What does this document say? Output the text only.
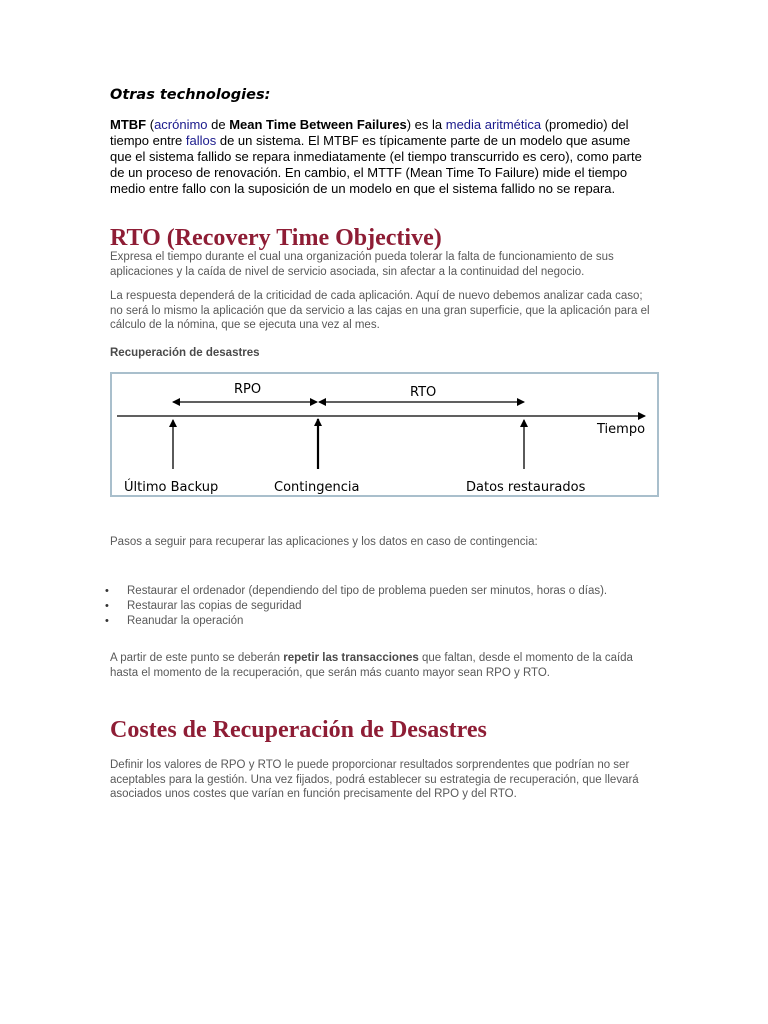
Otras technologies:
MTBF (acrónimo de Mean Time Between Failures) es la media aritmética (promedio) del tiempo entre fallos de un sistema. El MTBF es típicamente parte de un modelo que asume que el sistema fallido se repara inmediatamente (el tiempo transcurrido es cero), como parte de un proceso de renovación. En cambio, el MTTF (Mean Time To Failure) mide el tiempo medio entre fallo con la suposición de un modelo en que el sistema fallido no se repara.
RTO (Recovery Time Objective)
Expresa el tiempo durante el cual una organización pueda tolerar la falta de funcionamiento de sus aplicaciones y la caída de nivel de servicio asociada, sin afectar a la continuidad del negocio.
La respuesta dependerá de la criticidad de cada aplicación. Aquí de nuevo debemos analizar cada caso; no será lo mismo la aplicación que da servicio a las cajas en una gran superficie, que la aplicación para el cálculo de la nómina, que se ejecuta una vez al mes.
Recuperación de desastres
Pasos a seguir para recuperar las aplicaciones y los datos en caso de contingencia:
• Restaurar el ordenador (dependiendo del tipo de problema pueden ser minutos, horas o días).
• Restaurar las copias de seguridad
• Reanudar la operación
A partir de este punto se deberán repetir las transacciones que faltan, desde el momento de la caída hasta el momento de la recuperación, que serán más cuanto mayor sean RPO y RTO.
Costes de Recuperación de Desastres
Definir los valores de RPO y RTO le puede proporcionar resultados sorprendentes que podrían no ser aceptables para la gestión. Una vez fijados, podrá establecer su estrategia de recuperación, que llevará asociados unos costes que varían en función precisamente del RPO y del RTO.
RPO	RTO
Tiempo
Último Backup	Contingencia	Datos restaurados
